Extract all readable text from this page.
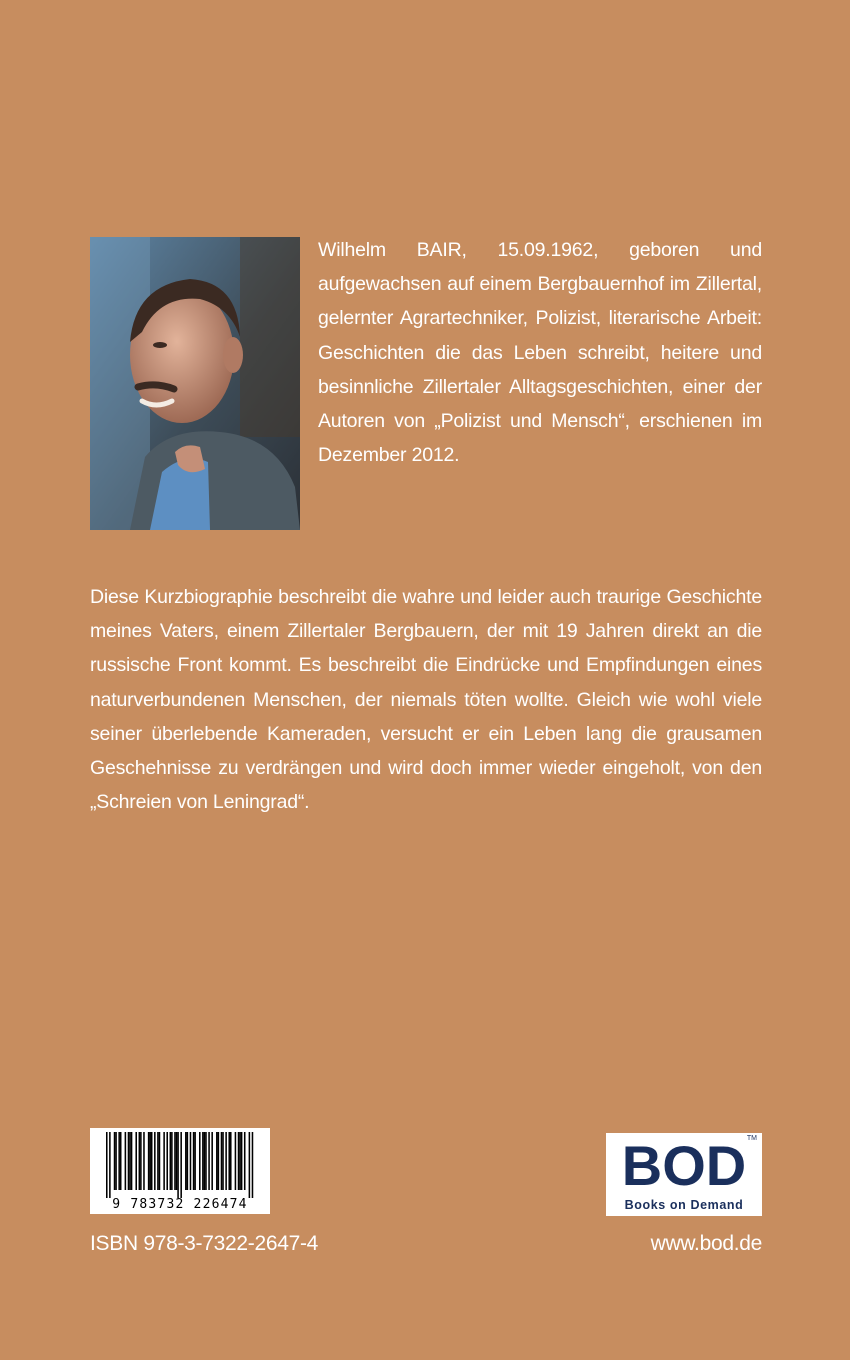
Wilhelm BAIR, 15.09.1962, geboren und aufgewachsen auf einem Bergbauernhof im Zillertal, gelernter Agrartechniker, Polizist, literarische Arbeit: Geschichten die das Leben schreibt, heitere und besinnliche Zillertaler Alltagsgeschichten, einer der Autoren von „Polizist und Mensch“, erschienen im Dezember 2012.
Diese Kurzbiographie beschreibt die wahre und leider auch traurige Geschichte meines Vaters, einem Zillertaler Bergbauern, der mit 19 Jahren direkt an die russische Front kommt. Es beschreibt die Eindrücke und Empfindungen eines naturverbundenen Menschen, der niemals töten wollte. Gleich wie wohl viele seiner überlebende Kameraden, versucht er ein Leben lang die grausamen Geschehnisse zu verdrängen und wird doch immer wieder eingeholt, von den „Schreien von Leningrad“.
9 783732 226474
ISBN 978-3-7322-2647-4
TM
BOD
Books on Demand
www.bod.de
